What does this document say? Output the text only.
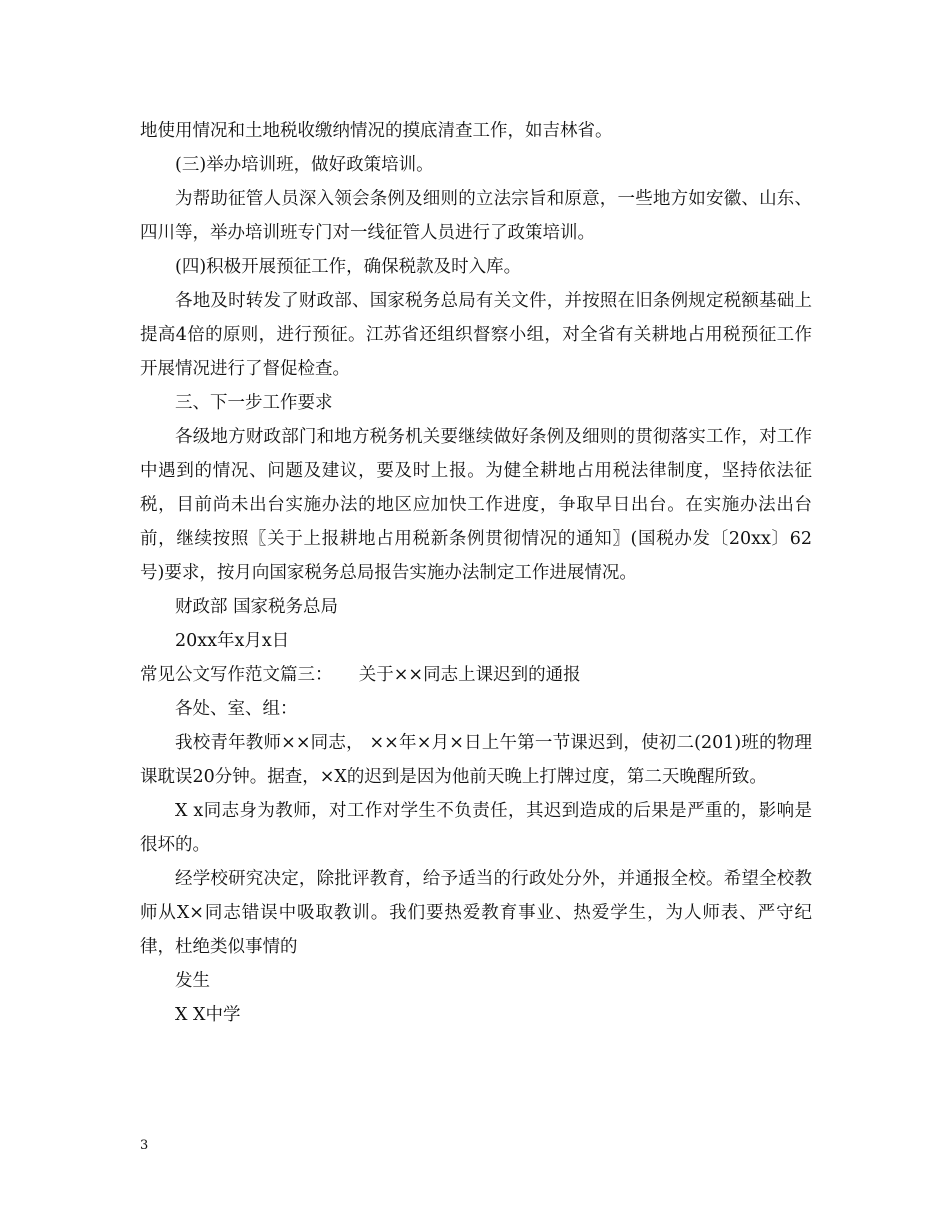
地使用情况和土地税收缴纳情况的摸底清查工作，如吉林省。

(三)举办培训班，做好政策培训。

为帮助征管人员深入领会条例及细则的立法宗旨和原意，一些地方如安徽、山东、四川等，举办培训班专门对一线征管人员进行了政策培训。

(四)积极开展预征工作，确保税款及时入库。

各地及时转发了财政部、国家税务总局有关文件，并按照在旧条例规定税额基础上提高4倍的原则，进行预征。江苏省还组织督察小组，对全省有关耕地占用税预征工作开展情况进行了督促检查。

三、下一步工作要求

各级地方财政部门和地方税务机关要继续做好条例及细则的贯彻落实工作，对工作中遇到的情况、问题及建议，要及时上报。为健全耕地占用税法律制度，坚持依法征税，目前尚未出台实施办法的地区应加快工作进度，争取早日出台。在实施办法出台前，继续按照〖关于上报耕地占用税新条例贯彻情况的通知〗(国税办发〔20xx〕62号)要求，按月向国家税务总局报告实施办法制定工作进展情况。

财政部 国家税务总局

20xx年x月x日

常见公文写作范文篇三：　　关于××同志上课迟到的通报

各处、室、组：

我校青年教师××同志， ××年×月×日上午第一节课迟到，使初二(201)班的物理课耽误20分钟。据查，×X的迟到是因为他前天晚上打牌过度，第二天晚醒所致。

X x同志身为教师，对工作对学生不负责任，其迟到造成的后果是严重的，影响是很坏的。

经学校研究决定，除批评教育，给予适当的行政处分外，并通报全校。希望全校教师从X×同志错误中吸取教训。我们要热爱教育事业、热爱学生，为人师表、严守纪律，杜绝类似事情的

发生

X X中学

3
